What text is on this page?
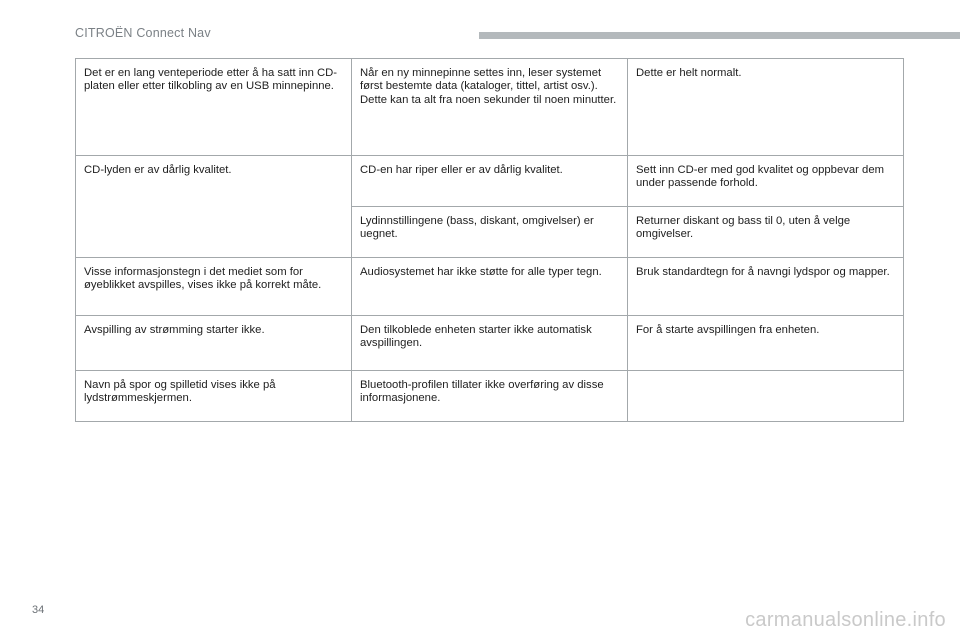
CITROËN Connect Nav
Det er en lang venteperiode etter å ha satt inn CD-platen eller etter tilkobling av en USB minnepinne.	Når en ny minnepinne settes inn, leser systemet først bestemte data (kataloger, tittel, artist osv.). Dette kan ta alt fra noen sekunder til noen minutter.	Dette er helt normalt.
CD-lyden er av dårlig kvalitet.	CD-en har riper eller er av dårlig kvalitet.	Sett inn CD-er med god kvalitet og oppbevar dem under passende forhold.
	Lydinnstillingene (bass, diskant, omgivelser) er uegnet.	Returner diskant og bass til 0, uten å velge omgivelser.
Visse informasjonstegn i det mediet som for øyeblikket avspilles, vises ikke på korrekt måte.	Audiosystemet har ikke støtte for alle typer tegn.	Bruk standardtegn for å navngi lydspor og mapper.
Avspilling av strømming starter ikke.	Den tilkoblede enheten starter ikke automatisk avspillingen.	For å starte avspillingen fra enheten.
Navn på spor og spilletid vises ikke på lydstrømmeskjermen.	Bluetooth-profilen tillater ikke overføring av disse informasjonene.	
34	carmanualsonline.info
